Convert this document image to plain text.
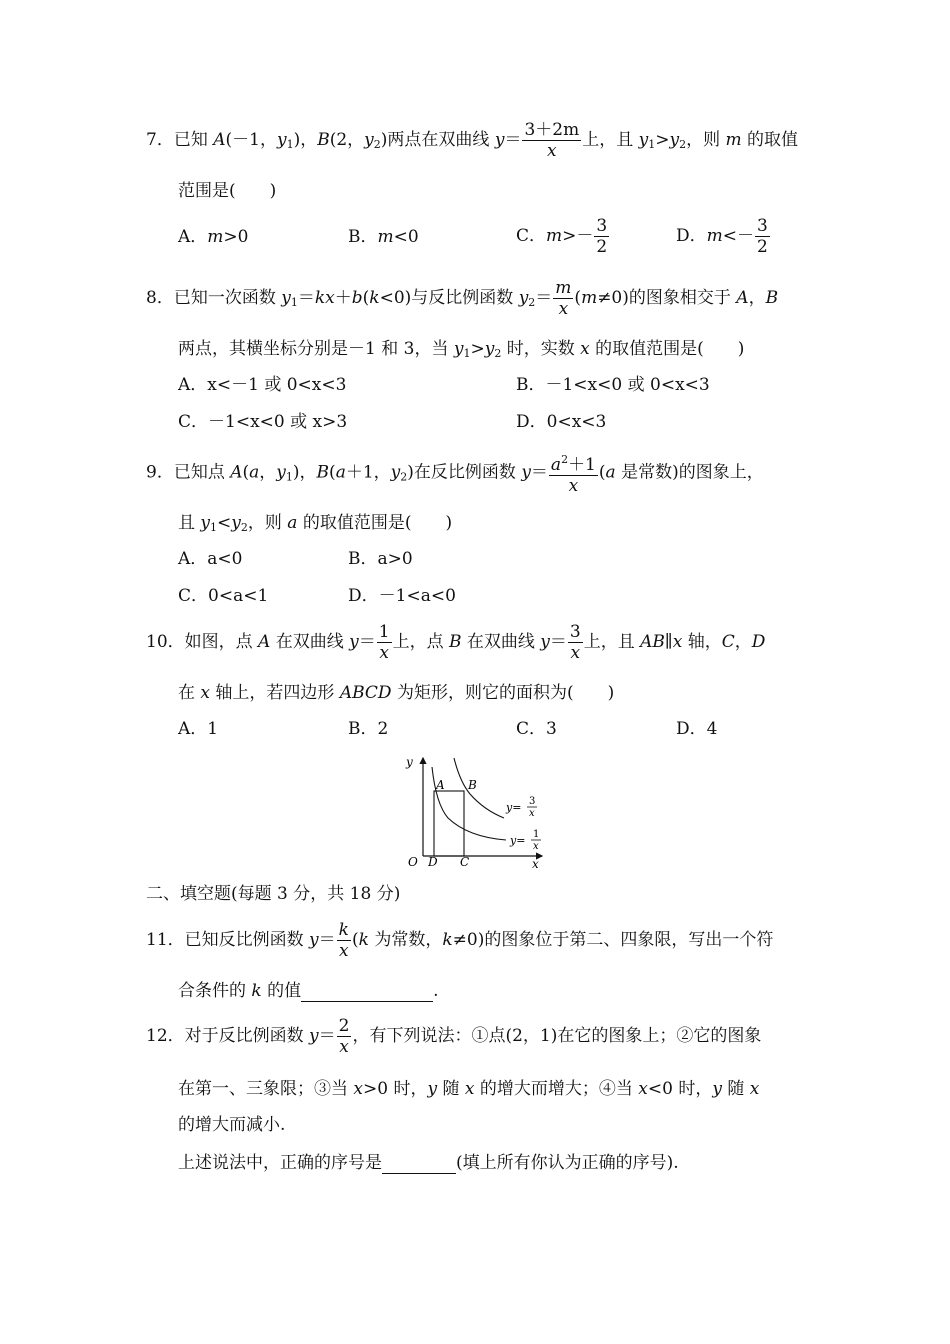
7．已知 A(－1，$y_1$)，B(2，$y_2$)两点在双曲线 $y= \frac{3+2m}{x}$ 上，且 $y_1>y_2$，则 m 的取值
范围是(　　)
A．m>0	B．m<0	C．$m>- \frac{3}{2}$	D．$m<- \frac{3}{2}$
8．已知一次函数 $y_1=kx+b(k<0)$与反比例函数 $y_2= \frac{m}{x} (m\ne 0)$的图象相交于 A，B
两点，其横坐标分别是－1 和 3，当 $y_1>y_2$ 时，实数 x 的取值范围是(　　)
A．x<－1 或 0<x<3	B．－1<x<0 或 0<x<3
C．－1<x<0 或 x>3	D．0<x<3
9．已知点 A(a，$y_1$)，B(a＋1，$y_2$)在反比例函数 $y= \frac{a^2+1}{x} (a$ 是常数)的图象上，
且 $y_1<y_2$，则 a 的取值范围是(　　)
A．a<0	B．a>0
C．0<a<1	D．－1<a<0
10．如图，点 A 在双曲线 $y= \frac{1}{x}$ 上，点 B 在双曲线 $y= \frac{3}{x}$ 上，且 AB∥x 轴，C，D
在 x 轴上，若四边形 ABCD 为矩形，则它的面积为(　　)
A．1	B．2	C．3	D．4
y
x
O
A B
C
D
y= 3
x
y= 1
x
二、填空题(每题 3 分，共 18 分)
11．已知反比例函数 $y= \frac{k}{x} (k$ 为常数，k≠0)的图象位于第二、四象限，写出一个符
合条件的 k 的值	.
12．对于反比例函数 $y= \frac{2}{x}$ ，有下列说法：①点(2，1)在它的图象上；②它的图象
在第一、三象限；③当 x>0 时，y 随 x 的增大而增大；④当 x<0 时，y 随 x
的增大而减小.
上述说法中，正确的序号是	(填上所有你认为正确的序号).
